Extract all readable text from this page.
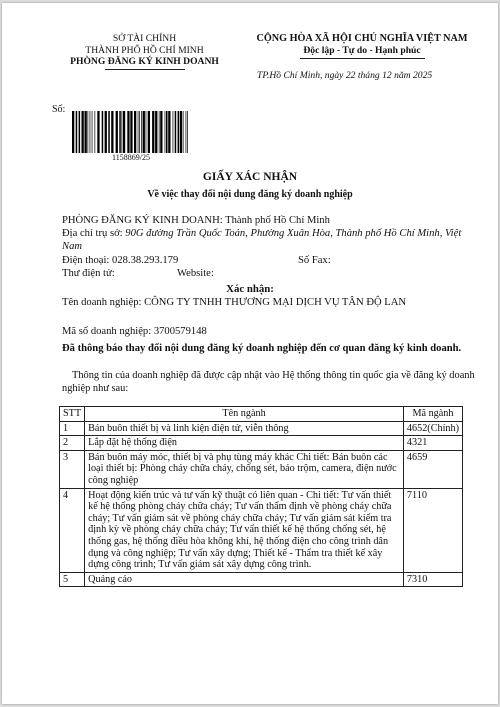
SỞ TÀI CHÍNH
THÀNH PHỐ HỒ CHÍ MINH
PHÒNG ĐĂNG KÝ KINH DOANH
CỘNG HÒA XÃ HỘI CHỦ NGHĨA VIỆT NAM
Độc lập - Tự do - Hạnh phúc
TP.Hồ Chí Minh, ngày 22 tháng 12 năm 2025
Số:
1158869/25
GIẤY XÁC NHẬN
Về việc thay đổi nội dung đăng ký doanh nghiệp
PHÒNG ĐĂNG KÝ KINH DOANH: Thành phố Hồ Chí Minh
Địa chỉ trụ sở: 90G đường Trần Quốc Toản, Phường Xuân Hòa, Thành phố Hồ Chí Minh, Việt Nam
Điện thoại: 028.38.293.179	Số Fax:
Thư điện tử:	Website:
Xác nhận:
Tên doanh nghiệp: CÔNG TY TNHH THƯƠNG MẠI DỊCH VỤ TÂN ĐỘ LAN
Mã số doanh nghiệp: 3700579148
Đã thông báo thay đổi nội dung đăng ký doanh nghiệp đến cơ quan đăng ký kinh doanh.
Thông tin của doanh nghiệp đã được cập nhật vào Hệ thống thông tin quốc gia về đăng ký doanh nghiệp như sau:
STT	Tên ngành	Mã ngành
1	Bán buôn thiết bị và linh kiện điện tử, viễn thông	4652(Chính)
2	Lắp đặt hệ thống điện	4321
3	Bán buôn máy móc, thiết bị và phụ tùng máy khác Chi tiết: Bán buôn các loại thiết bị: Phòng cháy chữa cháy, chống sét, báo trộm, camera, điện nước công nghiệp	4659
4	Hoạt động kiến trúc và tư vấn kỹ thuật có liên quan - Chi tiết: Tư vấn thiết kế hệ thống phòng cháy chữa cháy; Tư vấn thẩm định về phòng cháy chữa cháy; Tư vấn giám sát về phòng cháy chữa cháy; Tư vấn giám sát kiểm tra định kỳ về phòng cháy chữa cháy; Tư vấn thiết kế hệ thống chống sét, hệ thống gas, hệ thống điều hòa không khí, hệ thống điện cho công trình dân dụng và công nghiệp; Tư vấn xây dựng; Thiết kế - Thẩm tra thiết kế xây dựng công trình; Tư vấn giám sát xây dựng công trình.	7110
5	Quảng cáo	7310
